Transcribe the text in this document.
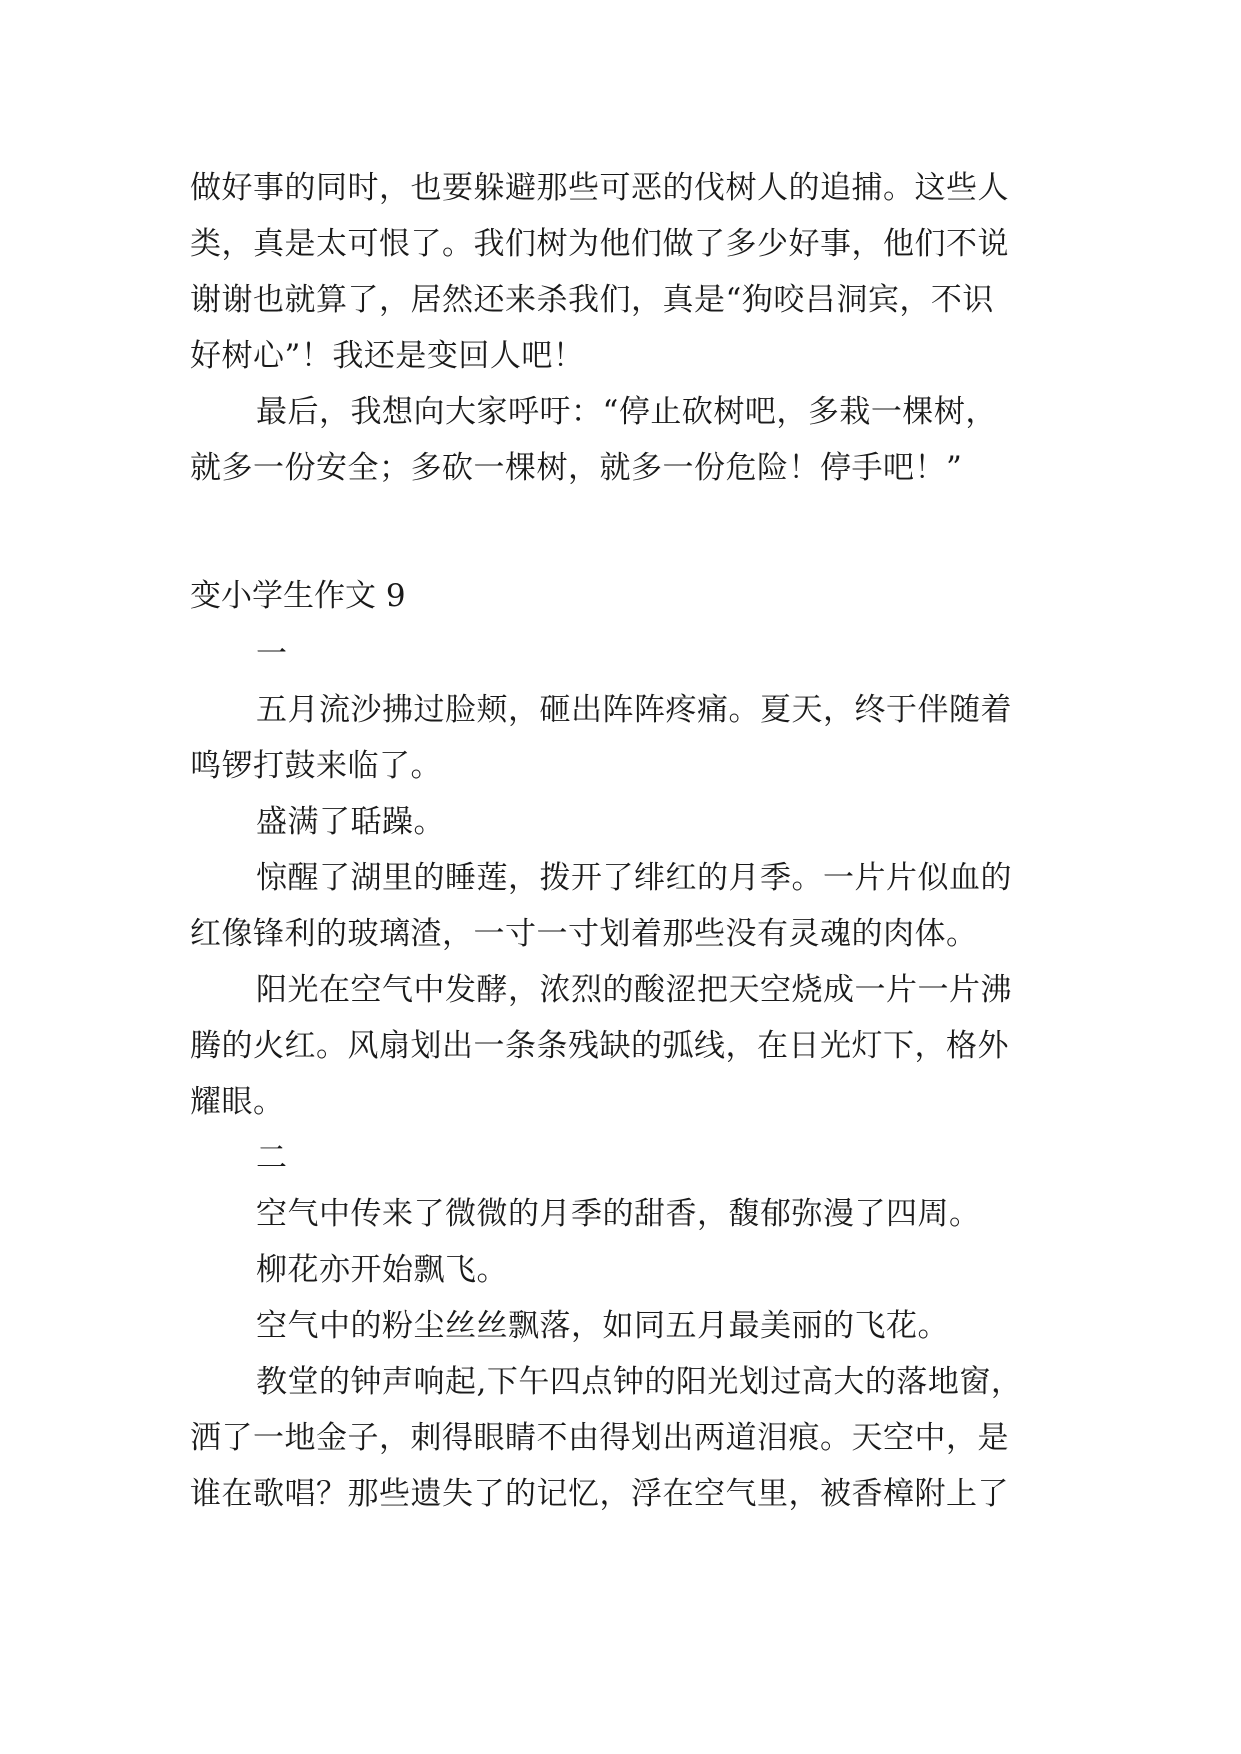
做好事的同时，也要躲避那些可恶的伐树人的追捕。这些人
类，真是太可恨了。我们树为他们做了多少好事，他们不说
谢谢也就算了，居然还来杀我们，真是“狗咬吕洞宾，不识
好树心”！我还是变回人吧！
最后，我想向大家呼吁：“停止砍树吧，多栽一棵树，
就多一份安全；多砍一棵树，就多一份危险！停手吧！”
变小学生作文 9
一
五月流沙拂过脸颊，砸出阵阵疼痛。夏天，终于伴随着
鸣锣打鼓来临了。
盛满了聒躁。
惊醒了湖里的睡莲，拨开了绯红的月季。一片片似血的
红像锋利的玻璃渣，一寸一寸划着那些没有灵魂的肉体。
阳光在空气中发酵，浓烈的酸涩把天空烧成一片一片沸
腾的火红。风扇划出一条条残缺的弧线，在日光灯下，格外
耀眼。
二
空气中传来了微微的月季的甜香，馥郁弥漫了四周。
柳花亦开始飘飞。
空气中的粉尘丝丝飘落，如同五月最美丽的飞花。
教堂的钟声响起,下午四点钟的阳光划过高大的落地窗，
洒了一地金子，刺得眼睛不由得划出两道泪痕。天空中，是
谁在歌唱？那些遗失了的记忆，浮在空气里，被香樟附上了
